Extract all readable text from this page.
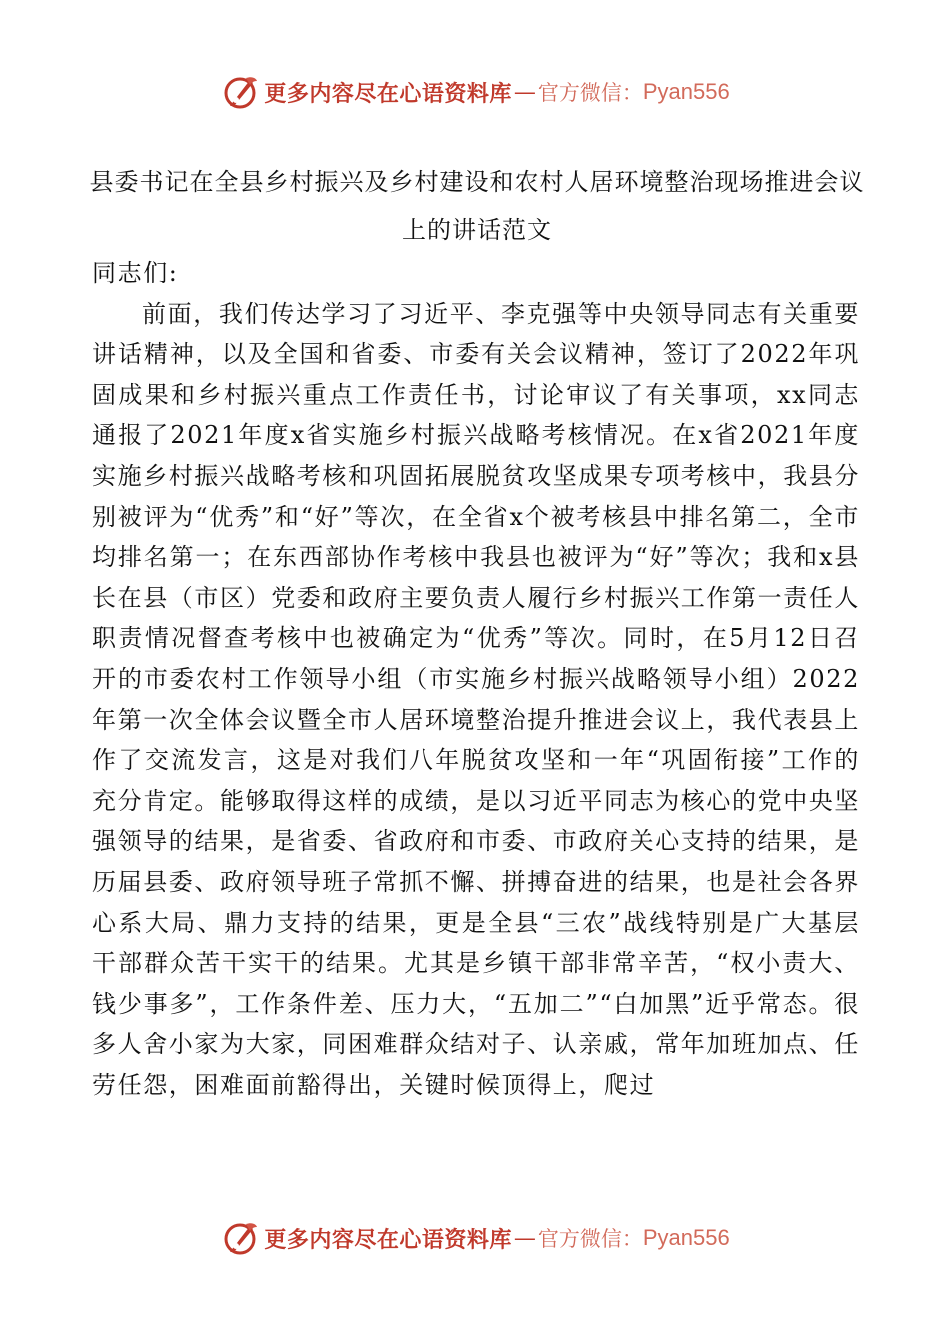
更多内容尽在心语资料库 — 官方微信： Pyan556
县委书记在全县乡村振兴及乡村建设和农村人居环境整治现场推进会议上的讲话范文

同志们:

前面，我们传达学习了习近平、李克强等中央领导同志有关重要讲话精神，以及全国和省委、市委有关会议精神，签订了2022年巩固成果和乡村振兴重点工作责任书，讨论审议了有关事项，xx同志通报了2021年度x省实施乡村振兴战略考核情况。在x省2021年度实施乡村振兴战略考核和巩固拓展脱贫攻坚成果专项考核中，我县分别被评为“优秀”和“好”等次，在全省x个被考核县中排名第二，全市均排名第一；在东西部协作考核中我县也被评为“好”等次；我和x县长在县（市区）党委和政府主要负责人履行乡村振兴工作第一责任人职责情况督查考核中也被确定为“优秀”等次。同时，在5月12日召开的市委农村工作领导小组（市实施乡村振兴战略领导小组）2022年第一次全体会议暨全市人居环境整治提升推进会议上，我代表县上作了交流发言，这是对我们八年脱贫攻坚和一年“巩固衔接”工作的充分肯定。能够取得这样的成绩，是以习近平同志为核心的党中央坚强领导的结果，是省委、省政府和市委、市政府关心支持的结果，是历届县委、政府领导班子常抓不懈、拼搏奋进的结果，也是社会各界心系大局、鼎力支持的结果，更是全县“三农”战线特别是广大基层干部群众苦干实干的结果。尤其是乡镇干部非常辛苦，“权小责大、钱少事多”，工作条件差、压力大，“五加二”“白加黑”近乎常态。很多人舍小家为大家，同困难群众结对子、认亲戚，常年加班加点、任劳任怨，困难面前豁得出，关键时候顶得上，爬过

更多内容尽在心语资料库 — 官方微信： Pyan556
